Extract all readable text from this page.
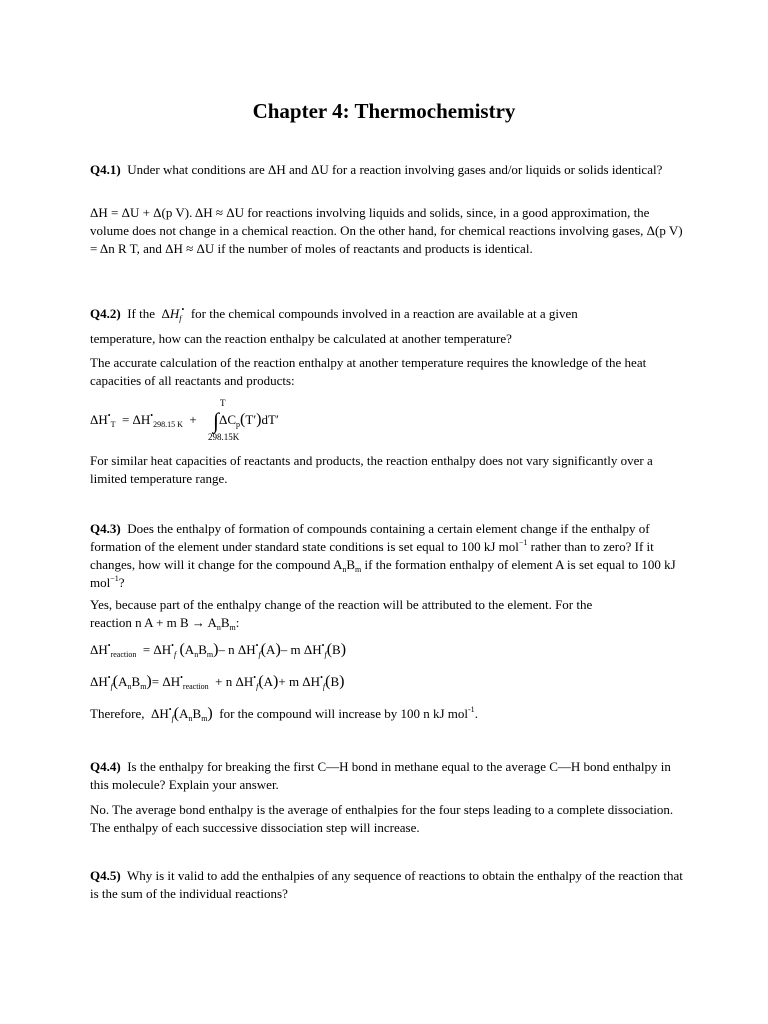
Chapter 4: Thermochemistry
Q4.1) Under what conditions are ΔH and ΔU for a reaction involving gases and/or liquids or solids identical?
ΔH = ΔU + Δ(p V). ΔH ≈ ΔU for reactions involving liquids and solids, since, in a good approximation, the volume does not change in a chemical reaction. On the other hand, for chemical reactions involving gases, Δ(p V) = Δn R T, and ΔH ≈ ΔU if the number of moles of reactants and products is identical.
Q4.2) If the  $\Delta H_f^•$ for the chemical compounds involved in a reaction are available at a given
temperature, how can the reaction enthalpy be calculated at another temperature?
The accurate calculation of the reaction enthalpy at another temperature requires the knowledge of the heat capacities of all reactants and products:
T
298.15K
$\Delta H^•_T = \Delta H^•_{298.15 K}$  +     $\int\Delta C_p(T')dT'$
For similar heat capacities of reactants and products, the reaction enthalpy does not vary significantly over a limited temperature range.
Q4.3) Does the enthalpy of formation of compounds containing a certain element change if the enthalpy of formation of the element under standard state conditions is set equal to 100 kJ mol$^{-1}$ rather than to zero? If it changes, how will it change for the compound $A_nB_m$ if the formation enthalpy of element A is set equal to 100 kJ mol$^{-1}$?
Yes, because part of the enthalpy change of the reaction will be attributed to the element. For the
reaction n A + m $B \to A_nB_m$:
$\Delta H^•_{reaction} = \Delta H^•_f$ $(A_nB_m)-$ n $\Delta H^•_f(A)-$ m $\Delta H^•_f(B)$
$\Delta H^•_f(A_nB_m)= \Delta H^•_{reaction} + n$ $\Delta H^•_f(A)+ m$ $\Delta H^•_f(B)$
Therefore,  $\Delta H^•_f(A_nB_m)$ for the compound will increase by 100 n kJ mol$^{-1}$.
Q4.4) Is the enthalpy for breaking the first C—H bond in methane equal to the average C—H bond enthalpy in this molecule? Explain your answer.
No. The average bond enthalpy is the average of enthalpies for the four steps leading to a complete dissociation. The enthalpy of each successive dissociation step will increase.
Q4.5) Why is it valid to add the enthalpies of any sequence of reactions to obtain the enthalpy of the reaction that is the sum of the individual reactions?
